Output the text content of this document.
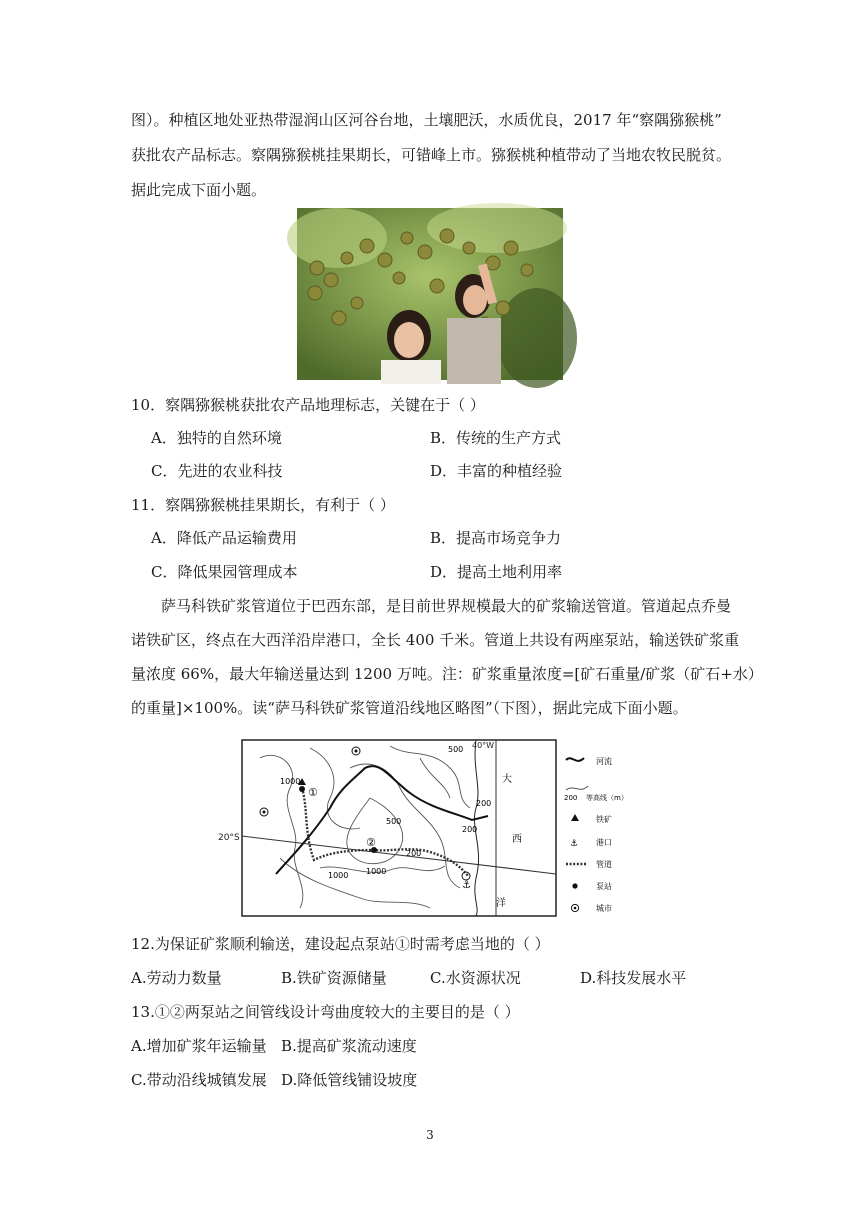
图）。种植区地处亚热带湿润山区河谷台地，土壤肥沃，水质优良，2017 年“察隅猕猴桃”
获批农产品标志。察隅猕猴桃挂果期长，可错峰上市。猕猴桃种植带动了当地农牧民脱贫。
据此完成下面小题。
10．察隅猕猴桃获批农产品地理标志，关键在于（ ）
A．独特的自然环境	B．传统的生产方式
C．先进的农业科技	D．丰富的种植经验
11．察隅猕猴桃挂果期长，有利于（ ）
A．降低产品运输费用	B．提高市场竞争力
C．降低果园管理成本	D．提高土地利用率
萨马科铁矿浆管道位于巴西东部，是目前世界规模最大的矿浆输送管道。管道起点乔曼
诺铁矿区，终点在大西洋沿岸港口，全长 400 千米。管道上共设有两座泵站，输送铁矿浆重
量浓度 66%，最大年输送量达到 1200 万吨。注：矿浆重量浓度=[矿石重量/矿浆（矿石+水）
的重量]×100%。读“萨马科铁矿浆管道沿线地区略图”（下图），据此完成下面小题。
40°W
20°S
1000
500
200
500
200
1000 1000
200
①
②
⚓
大
西
洋
河流
200 等高线（m）
铁矿
⚓ 港口
管道
泵站
城市
12.为保证矿浆顺利输送，建设起点泵站①时需考虑当地的（ ）
A.劳动力数量	B.铁矿资源储量	C.水资源状况	D.科技发展水平
13.①②两泵站之间管线设计弯曲度较大的主要目的是（ ）
A.增加矿浆年运输量 B.提高矿浆流动速度
C.带动沿线城镇发展 D.降低管线铺设坡度
3
